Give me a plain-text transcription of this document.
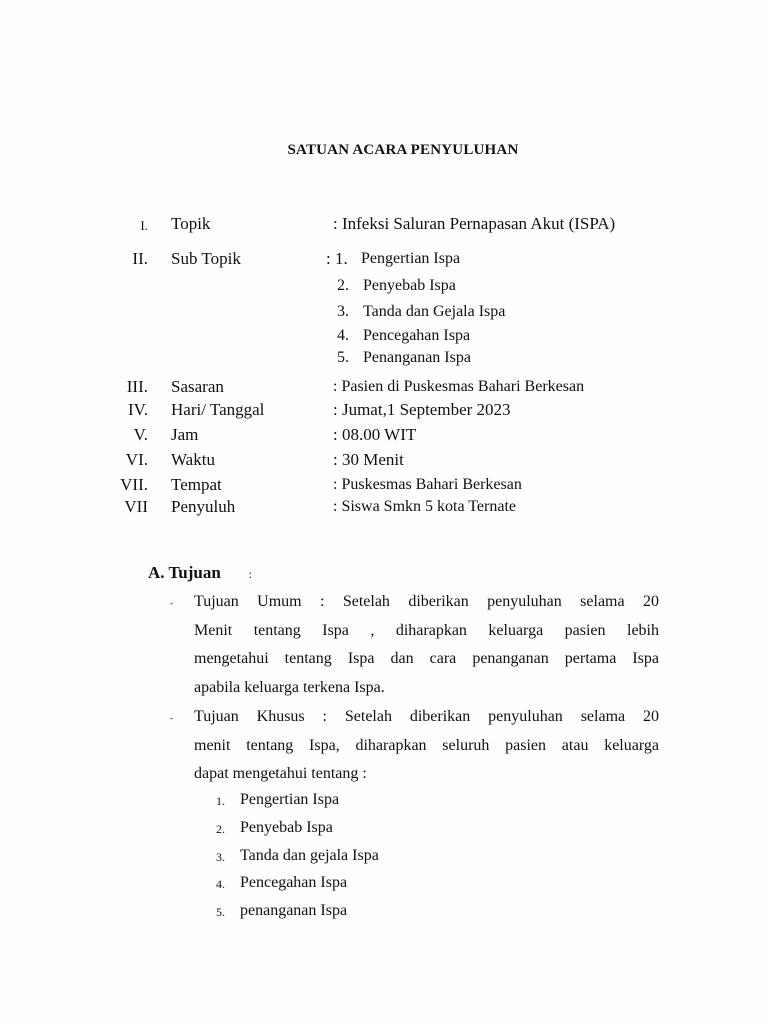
SATUAN ACARA PENYULUHAN
I. Topik	: Infeksi Saluran Pernapasan Akut (ISPA)
II. Sub Topik	: 1. Pengertian Ispa
2. Penyebab Ispa
3. Tanda dan Gejala Ispa
4. Pencegahan Ispa
5. Penanganan Ispa
III. Sasaran	: Pasien di Puskesmas Bahari Berkesan
IV. Hari/ Tanggal	: Jumat,1 September 2023
V. Jam	: 08.00 WIT
VI. Waktu	: 30 Menit
VII. Tempat	: Puskesmas Bahari Berkesan
VII Penyuluh	: Siswa Smkn 5 kota Ternate
A. Tujuan :
- Tujuan Umum : Setelah diberikan penyuluhan selama 20
Menit tentang Ispa , diharapkan keluarga pasien lebih
mengetahui tentang Ispa dan cara penanganan pertama Ispa
apabila keluarga terkena Ispa.
- Tujuan Khusus : Setelah diberikan penyuluhan selama 20
menit tentang Ispa, diharapkan seluruh pasien atau keluarga
dapat mengetahui tentang :
1. Pengertian Ispa
2. Penyebab Ispa
3. Tanda dan gejala Ispa
4. Pencegahan Ispa
5. penanganan Ispa
